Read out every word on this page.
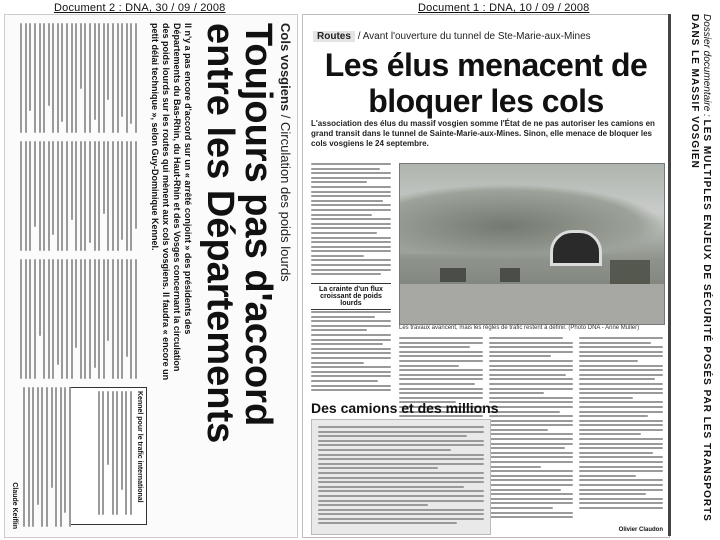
Document 2 : DNA, 30 / 09 / 2008	Document 1 : DNA, 10 / 09 / 2008
Cols vosgiens / Circulation des poids lourds
Toujours pas d'accord entre les Départements
Il n'y a pas encore d'accord sur un « arrêté conjoint » des présidents des Départements du Bas-Rhin, du Haut-Rhin et des Vosges concernant la circulation des poids lourds sur les routes qui mènent aux cols vosgiens. Il faudra « encore un petit délai technique », selon Guy-Dominique Kennel.
Kennel pour le trafic international
Claude Keiflin
Routes / Avant l'ouverture du tunnel de Ste-Marie-aux-Mines
Les élus menacent de bloquer les cols
L'association des élus du massif vosgien somme l'État de ne pas autoriser les camions en grand transit dans le tunnel de Sainte-Marie-aux-Mines. Sinon, elle menace de bloquer les cols vosgiens le 24 septembre.
La crainte d'un flux croissant de poids lourds
Les travaux avancent, mais les règles de trafic restent à définir. (Photo DNA - Anne Muller)
Des camions et des millions
Olivier Claudon
Dossier documentaire : LES MULTIPLES ENJEUX DE SÉCURITÉ POSÉS PAR LES TRANSPORTS DANS LE MASSIF VOSGIEN
